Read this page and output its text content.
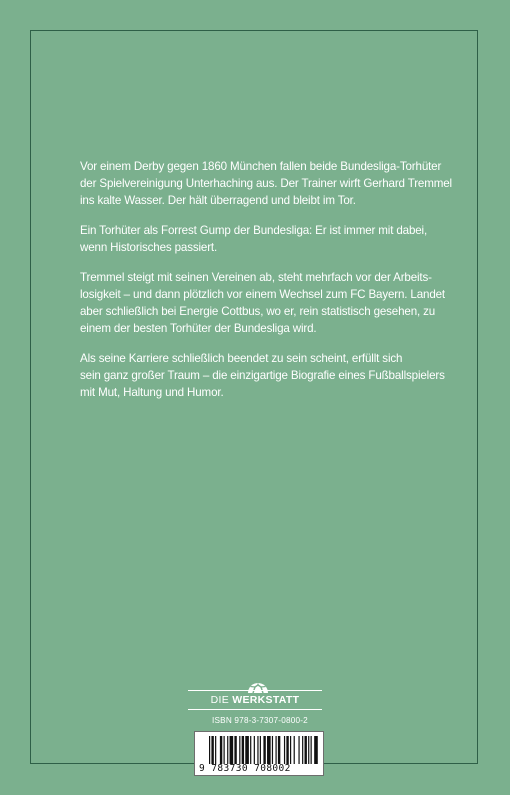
Vor einem Derby gegen 1860 München fallen beide Bundesliga-Torhüter
der Spielvereinigung Unterhaching aus. Der Trainer wirft Gerhard Tremmel
ins kalte Wasser. Der hält überragend und bleibt im Tor.

Ein Torhüter als Forrest Gump der Bundesliga: Er ist immer mit dabei,
wenn Historisches passiert.

Tremmel steigt mit seinen Vereinen ab, steht mehrfach vor der Arbeits-
losigkeit – und dann plötzlich vor einem Wechsel zum FC Bayern. Landet
aber schließlich bei Energie Cottbus, wo er, rein statistisch gesehen, zu
einem der besten Torhüter der Bundesliga wird.

Als seine Karriere schließlich beendet zu sein scheint, erfüllt sich
sein ganz großer Traum – die einzigartige Biografie eines Fußballspielers
mit Mut, Haltung und Humor.

DIE WERKSTATT
ISBN 978-3-7307-0800-2
9 783730 708002
